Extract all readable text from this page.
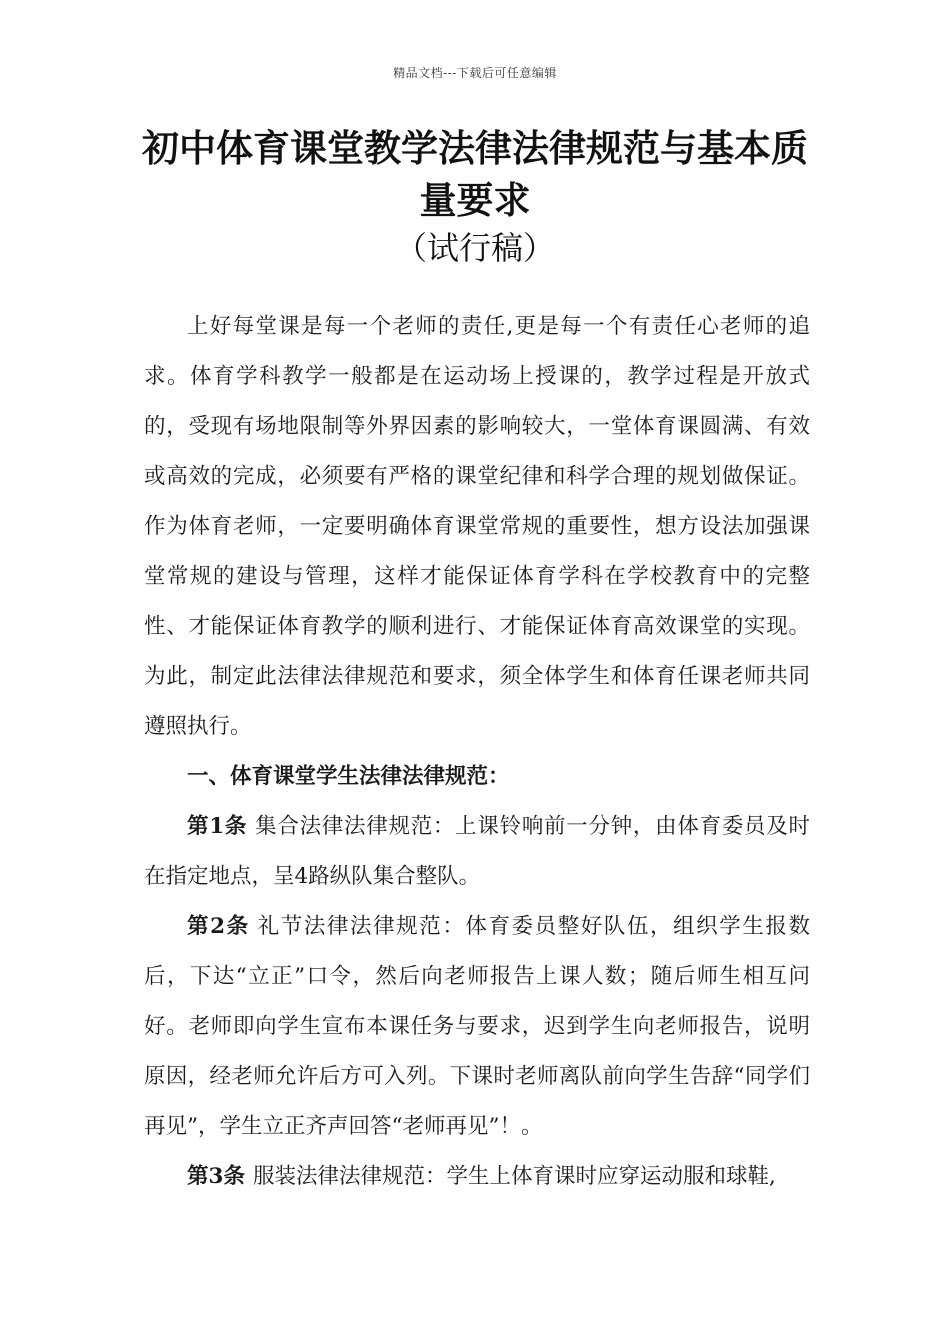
精品文档---下载后可任意编辑
初中体育课堂教学法律法律规范与基本质
量要求
（试行稿）

上好每堂课是每一个老师的责任,更是每一个有责任心老师的追求。体育学科教学一般都是在运动场上授课的，教学过程是开放式的，受现有场地限制等外界因素的影响较大，一堂体育课圆满、有效或高效的完成，必须要有严格的课堂纪律和科学合理的规划做保证。作为体育老师，一定要明确体育课堂常规的重要性，想方设法加强课堂常规的建设与管理，这样才能保证体育学科在学校教育中的完整性、才能保证体育教学的顺利进行、才能保证体育高效课堂的实现。为此，制定此法律法律规范和要求，须全体学生和体育任课老师共同遵照执行。

一、体育课堂学生法律法律规范：

第1条 集合法律法律规范：上课铃响前一分钟，由体育委员及时在指定地点，呈4路纵队集合整队。

第2条 礼节法律法律规范：体育委员整好队伍，组织学生报数后，下达“立正”口令，然后向老师报告上课人数；随后师生相互问好。老师即向学生宣布本课任务与要求，迟到学生向老师报告，说明原因，经老师允许后方可入列。下课时老师离队前向学生告辞“同学们再见”，学生立正齐声回答“老师再见”！。

第3条 服装法律法律规范：学生上体育课时应穿运动服和球鞋,
